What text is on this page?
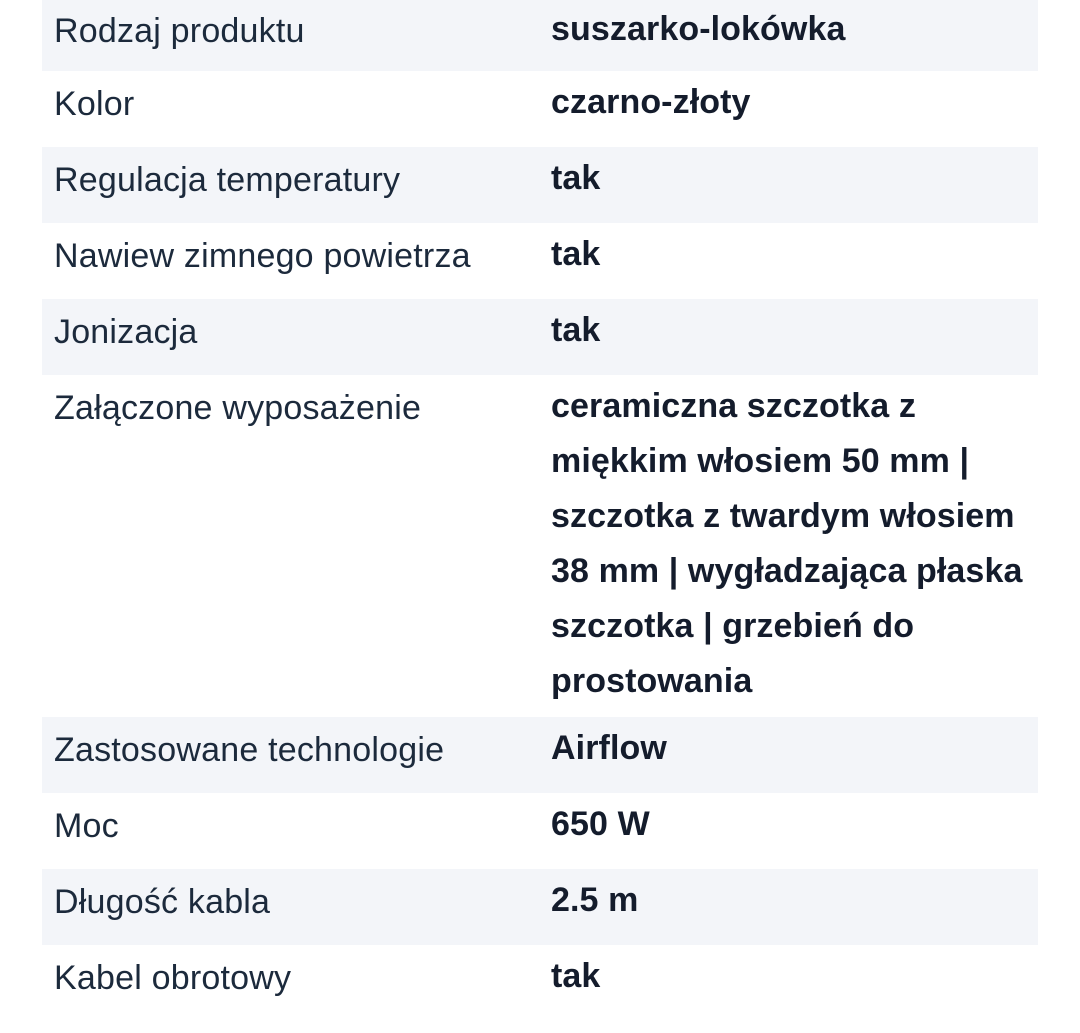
Rodzaj produktu	suszarko-lokówka
Kolor	czarno-złoty
Regulacja temperatury	tak
Nawiew zimnego powietrza	tak
Jonizacja	tak
Załączone wyposażenie	ceramiczna szczotka z miękkim włosiem 50 mm | szczotka z twardym włosiem 38 mm | wygładzająca płaska szczotka | grzebień do prostowania
Zastosowane technologie	Airflow
Moc	650 W
Długość kabla	2.5 m
Kabel obrotowy	tak
